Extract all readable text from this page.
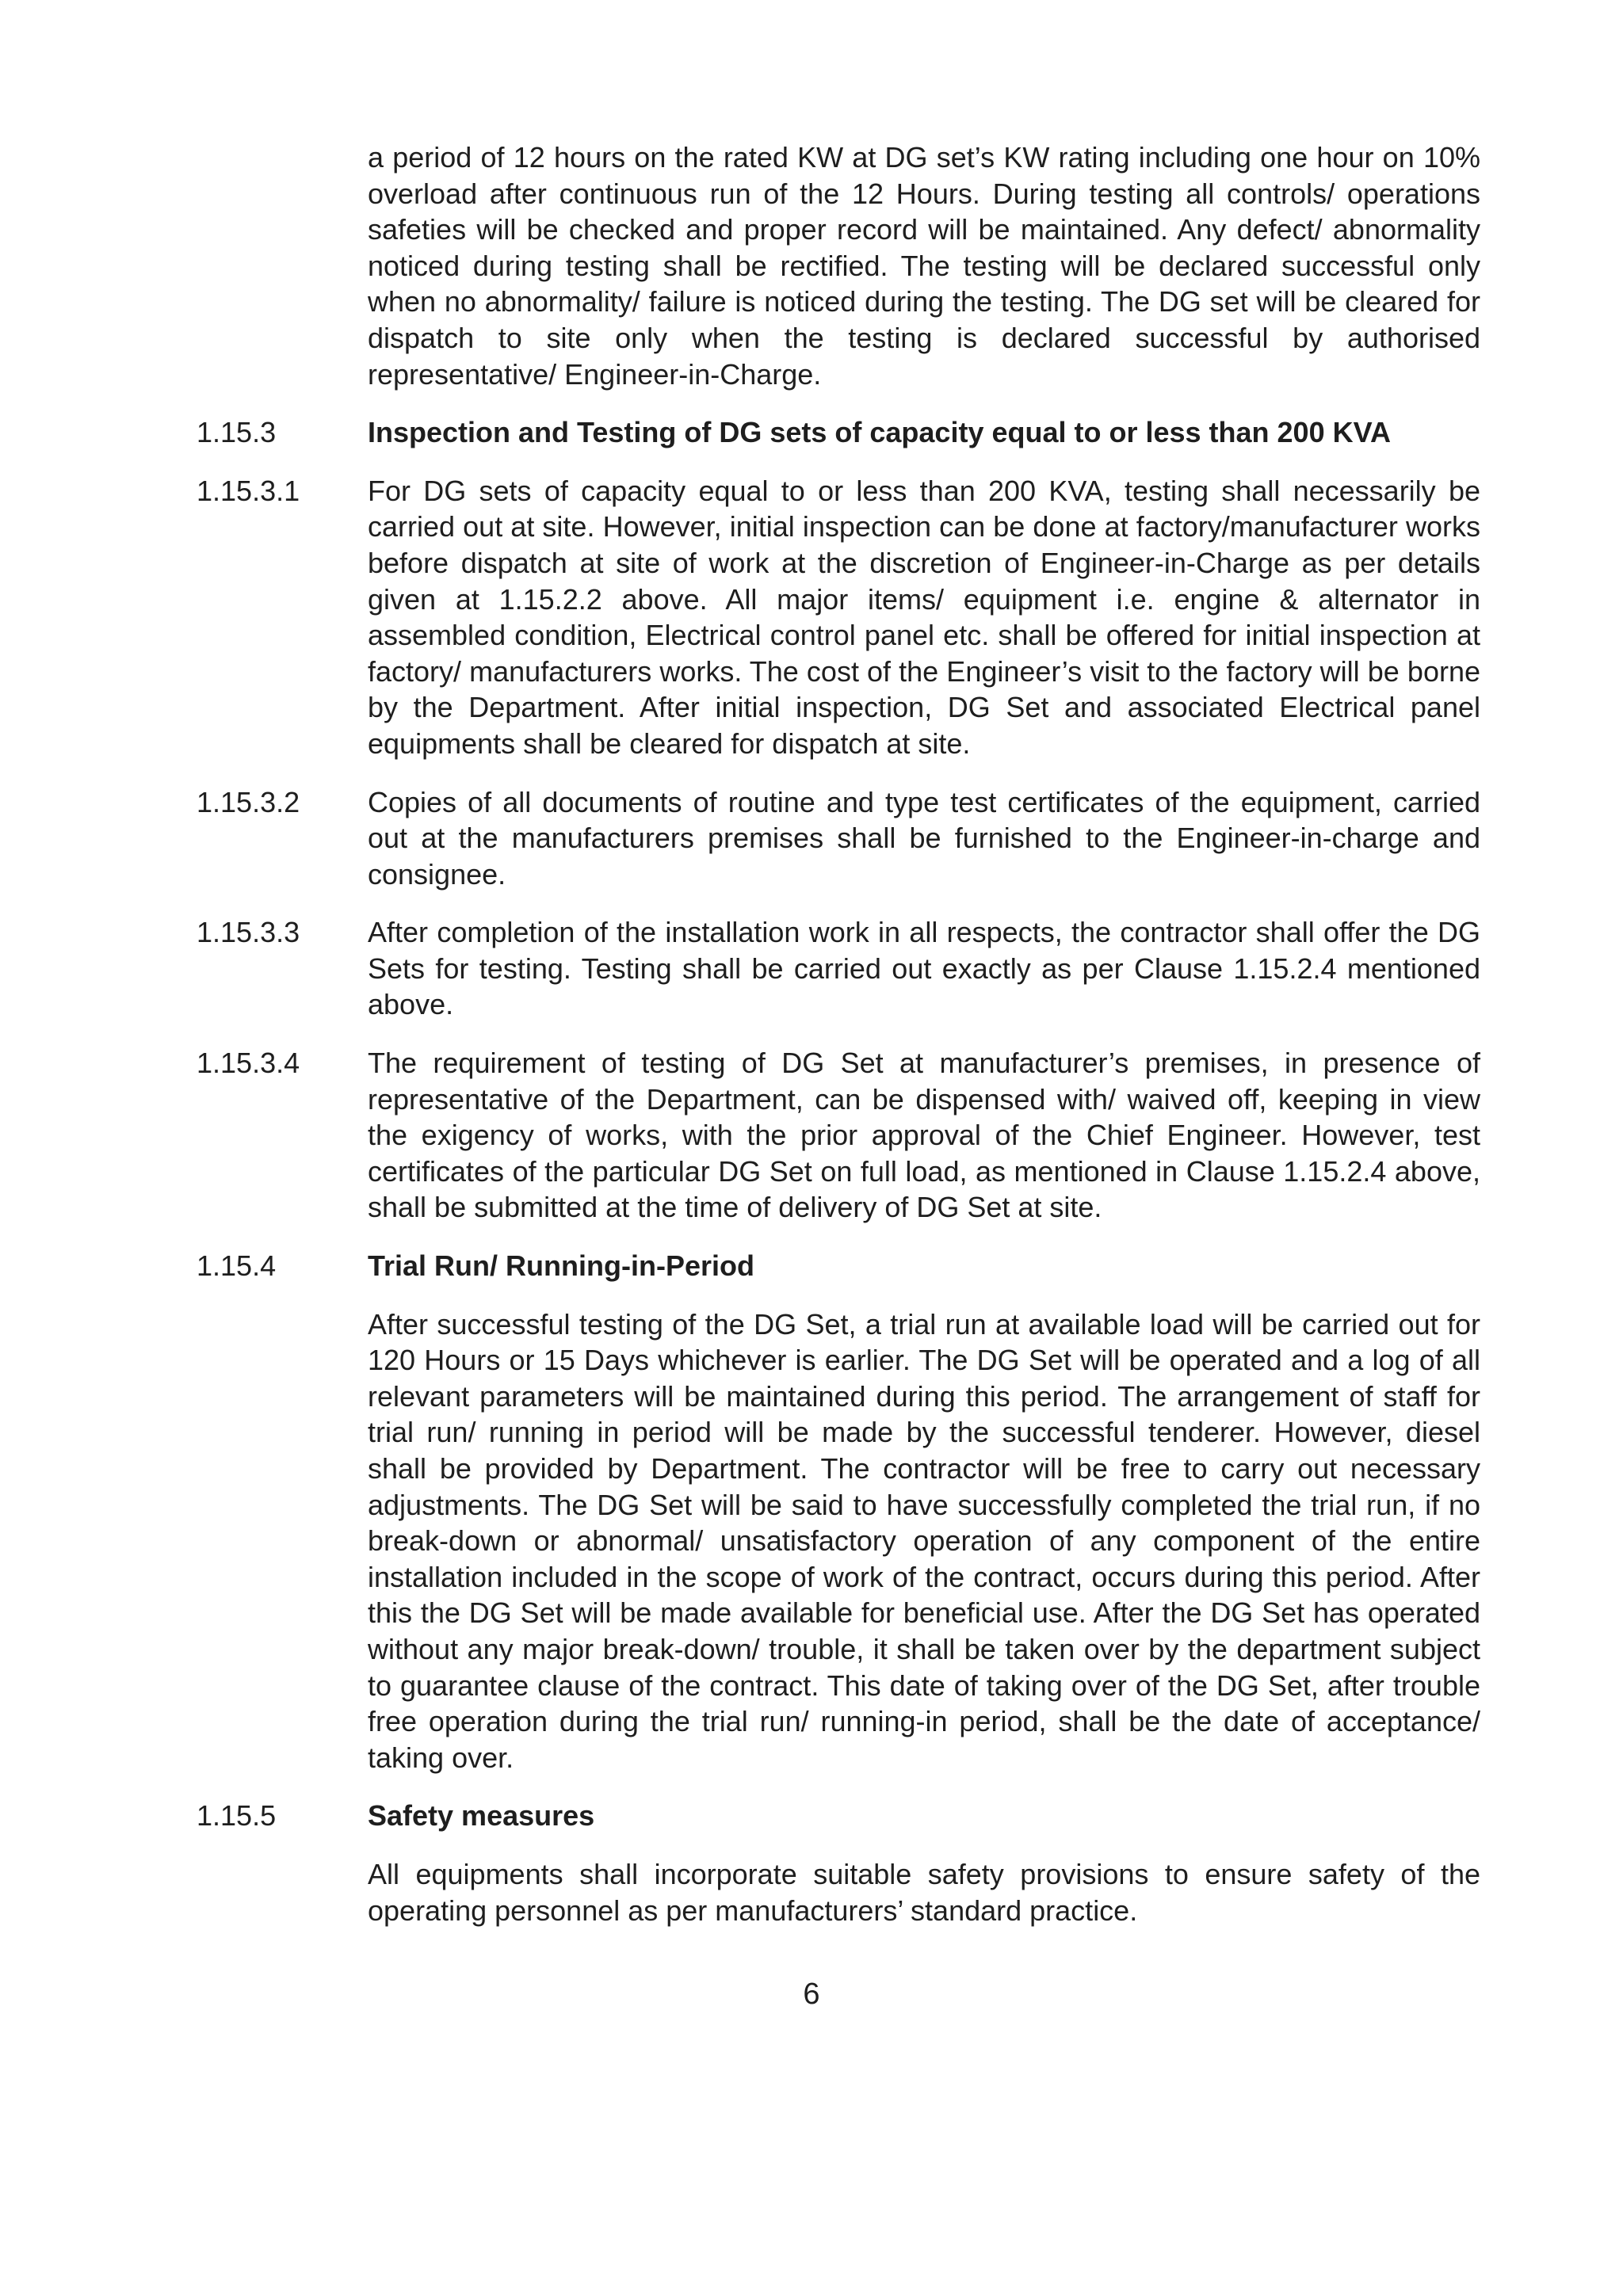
a period of 12 hours on the rated KW at DG set’s KW rating including one hour on 10% overload after continuous run of the 12 Hours. During testing all controls/ operations safeties will be checked and proper record will be maintained. Any defect/ abnormality noticed during testing shall be rectified. The testing will be declared successful only when no abnormality/ failure is noticed during the testing. The DG set will be cleared for dispatch to site only when the testing is declared successful by authorised representative/ Engineer-in-Charge.
1.15.3	Inspection and Testing of DG sets of capacity equal to or less than 200 KVA
1.15.3.1	For DG sets of capacity equal to or less than 200 KVA, testing shall necessarily be carried out at site. However, initial inspection can be done at factory/manufacturer works before dispatch at site of work at the discretion of Engineer-in-Charge as per details given at 1.15.2.2 above. All major items/ equipment i.e. engine & alternator in assembled condition, Electrical control panel etc. shall be offered for initial inspection at factory/ manufacturers works. The cost of the Engineer’s visit to the factory will be borne by the Department. After initial inspection, DG Set and associated Electrical panel equipments shall be cleared for dispatch at site.
1.15.3.2	Copies of all documents of routine and type test certificates of the equipment, carried out at the manufacturers premises shall be furnished to the Engineer-in-charge and consignee.
1.15.3.3	After completion of the installation work in all respects, the contractor shall offer the DG Sets for testing. Testing shall be carried out exactly as per Clause 1.15.2.4 mentioned above.
1.15.3.4	The requirement of testing of DG Set at manufacturer’s premises, in presence of representative of the Department, can be dispensed with/ waived off, keeping in view the exigency of works, with the prior approval of the Chief Engineer. However, test certificates of the particular DG Set on full load, as mentioned in Clause 1.15.2.4 above, shall be submitted at the time of delivery of DG Set at site.
1.15.4	Trial Run/ Running-in-Period
After successful testing of the DG Set, a trial run at available load will be carried out for 120 Hours or 15 Days whichever is earlier. The DG Set will be operated and a log of all relevant parameters will be maintained during this period. The arrangement of staff for trial run/ running in period will be made by the successful tenderer. However, diesel shall be provided by Department. The contractor will be free to carry out necessary adjustments. The DG Set will be said to have successfully completed the trial run, if no break-down or abnormal/ unsatisfactory operation of any component of the entire installation included in the scope of work of the contract, occurs during this period. After this the DG Set will be made available for beneficial use. After the DG Set has operated without any major break-down/ trouble, it shall be taken over by the department subject to guarantee clause of the contract. This date of taking over of the DG Set, after trouble free operation during the trial run/ running-in period, shall be the date of acceptance/ taking over.
1.15.5	Safety measures
All equipments shall incorporate suitable safety provisions to ensure safety of the operating personnel as per manufacturers’ standard practice.
6
